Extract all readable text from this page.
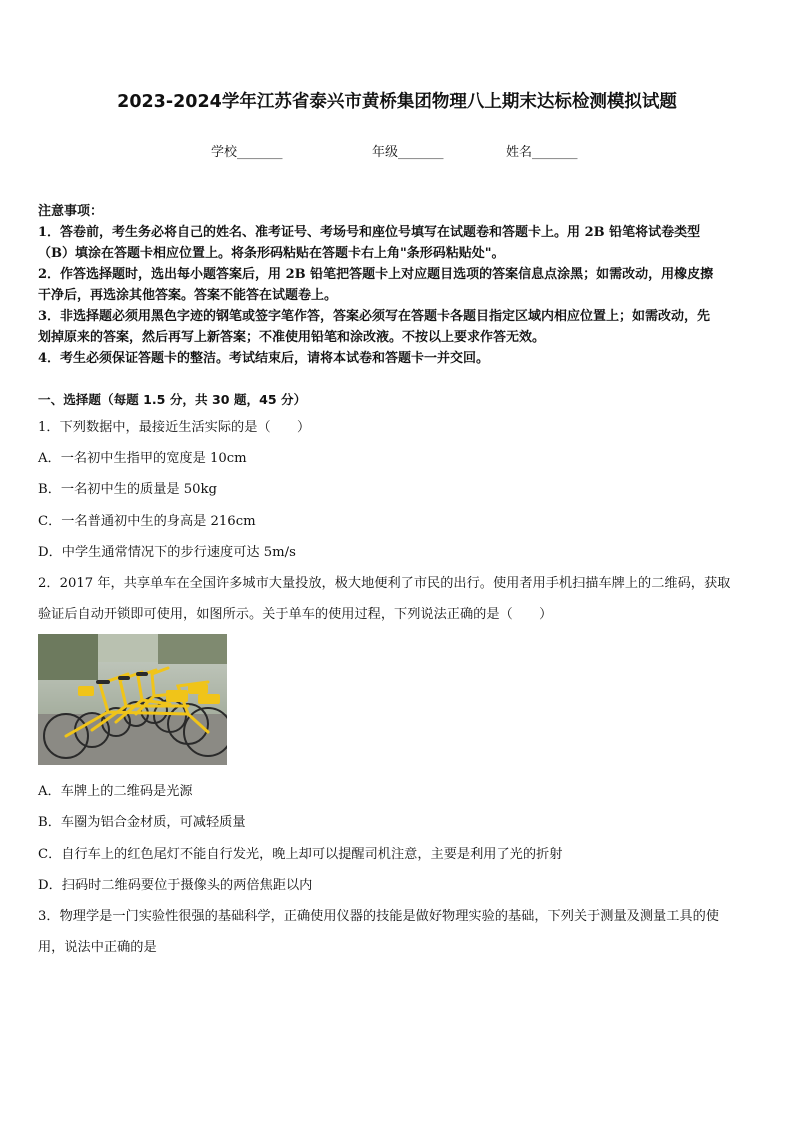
2023-2024学年江苏省泰兴市黄桥集团物理八上期末达标检测模拟试题
学校_______	年级_______	姓名_______
注意事项：
1．答卷前，考生务必将自己的姓名、准考证号、考场号和座位号填写在试题卷和答题卡上。用 2B 铅笔将试卷类型
（B）填涂在答题卡相应位置上。将条形码粘贴在答题卡右上角"条形码粘贴处"。
2．作答选择题时，选出每小题答案后，用 2B 铅笔把答题卡上对应题目选项的答案信息点涂黑；如需改动，用橡皮擦
干净后，再选涂其他答案。答案不能答在试题卷上。
3．非选择题必须用黑色字迹的钢笔或签字笔作答，答案必须写在答题卡各题目指定区域内相应位置上；如需改动，先
划掉原来的答案，然后再写上新答案；不准使用铅笔和涂改液。不按以上要求作答无效。
4．考生必须保证答题卡的整洁。考试结束后，请将本试卷和答题卡一并交回。
一、选择题（每题 1.5 分，共 30 题，45 分）
1．下列数据中，最接近生活实际的是（　　）
A．一名初中生指甲的宽度是 10cm
B．一名初中生的质量是 50kg
C．一名普通初中生的身高是 216cm
D．中学生通常情况下的步行速度可达 5m/s
2．2017 年，共享单车在全国许多城市大量投放，极大地便利了市民的出行。使用者用手机扫描车牌上的二维码，获取
验证后自动开锁即可使用，如图所示。关于单车的使用过程，下列说法正确的是（　　）
A．车牌上的二维码是光源
B．车圈为铝合金材质，可减轻质量
C．自行车上的红色尾灯不能自行发光，晚上却可以提醒司机注意，主要是利用了光的折射
D．扫码时二维码要位于摄像头的两倍焦距以内
3．物理学是一门实验性很强的基础科学，正确使用仪器的技能是做好物理实验的基础，下列关于测量及测量工具的使
用，说法中正确的是
